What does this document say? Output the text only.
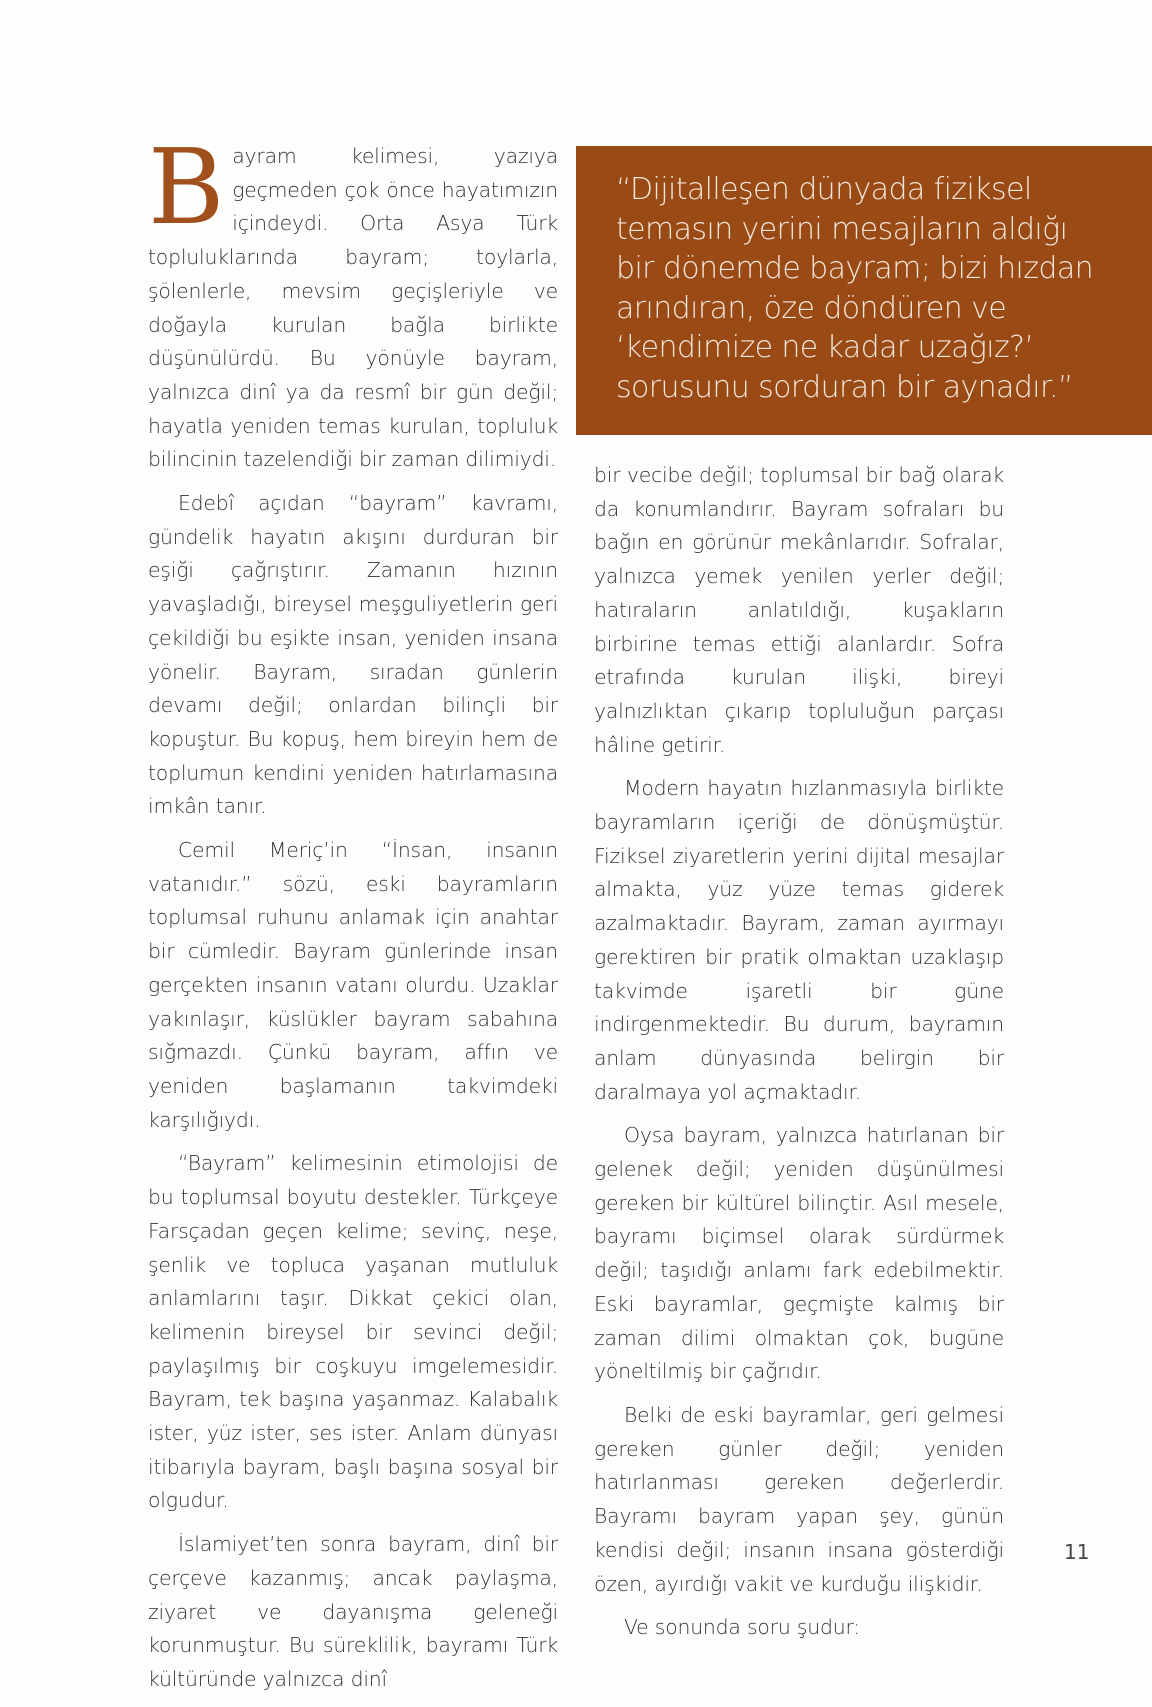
Bayram kelimesi, yazıya geçmeden çok önce hayatımızın içindeydi. Orta Asya Türk topluluklarında bayram; toylarla, şölenlerle, mevsim geçişleriyle ve doğayla kurulan bağla birlikte düşünülürdü. Bu yönüyle bayram, yalnızca dinî ya da resmî bir gün değil; hayatla yeniden temas kurulan, topluluk bilincinin tazelendiği bir zaman dilimiydi.

Edebî açıdan “bayram” kavramı, gündelik hayatın akışını durduran bir eşiği çağrıştırır. Zamanın hızının yavaşladığı, bireysel meşguliyetlerin geri çekildiği bu eşikte insan, yeniden insana yönelir. Bayram, sıradan günlerin devamı değil; onlardan bilinçli bir kopuştur. Bu kopuş, hem bireyin hem de toplumun kendini yeniden hatırlamasına imkân tanır.

Cemil Meriç’in “İnsan, insanın vatanıdır.” sözü, eski bayramların toplumsal ruhunu anlamak için anahtar bir cümledir. Bayram günlerinde insan gerçekten insanın vatanı olurdu. Uzaklar yakınlaşır, küslükler bayram sabahına sığmazdı. Çünkü bayram, affın ve yeniden başlamanın takvimdeki karşılığıydı.

“Bayram” kelimesinin etimolojisi de bu toplumsal boyutu destekler. Türkçeye Farsçadan geçen kelime; sevinç, neşe, şenlik ve topluca yaşanan mutluluk anlamlarını taşır. Dikkat çekici olan, kelimenin bireysel bir sevinci değil; paylaşılmış bir coşkuyu imgelemesidir. Bayram, tek başına yaşanmaz. Kalabalık ister, yüz ister, ses ister. Anlam dünyası itibarıyla bayram, başlı başına sosyal bir olgudur.

İslamiyet’ten sonra bayram, dinî bir çerçeve kazanmış; ancak paylaşma, ziyaret ve dayanışma geleneği korunmuştur. Bu süreklilik, bayramı Türk kültüründe yalnızca dinî

“Dijitalleşen dünyada fiziksel temasın yerini mesajların aldığı bir dönemde bayram; bizi hızdan arındıran, öze döndüren ve ‘kendimize ne kadar uzağız?’ sorusunu sorduran bir aynadır.”

bir vecibe değil; toplumsal bir bağ olarak da konumlandırır. Bayram sofraları bu bağın en görünür mekânlarıdır. Sofralar, yalnızca yemek yenilen yerler değil; hatıraların anlatıldığı, kuşakların birbirine temas ettiği alanlardır. Sofra etrafında kurulan ilişki, bireyi yalnızlıktan çıkarıp topluluğun parçası hâline getirir.

Modern hayatın hızlanmasıyla birlikte bayramların içeriği de dönüşmüştür. Fiziksel ziyaretlerin yerini dijital mesajlar almakta, yüz yüze temas giderek azalmaktadır. Bayram, zaman ayırmayı gerektiren bir pratik olmaktan uzaklaşıp takvimde işaretli bir güne indirgenmektedir. Bu durum, bayramın anlam dünyasında belirgin bir daralmaya yol açmaktadır.

Oysa bayram, yalnızca hatırlanan bir gelenek değil; yeniden düşünülmesi gereken bir kültürel bilinçtir. Asıl mesele, bayramı biçimsel olarak sürdürmek değil; taşıdığı anlamı fark edebilmektir. Eski bayramlar, geçmişte kalmış bir zaman dilimi olmaktan çok, bugüne yöneltilmiş bir çağrıdır.

Belki de eski bayramlar, geri gelmesi gereken günler değil; yeniden hatırlanması gereken değerlerdir. Bayramı bayram yapan şey, günün kendisi değil; insanın insana gösterdiği özen, ayırdığı vakit ve kurduğu ilişkidir.

Ve sonunda soru şudur:

11
